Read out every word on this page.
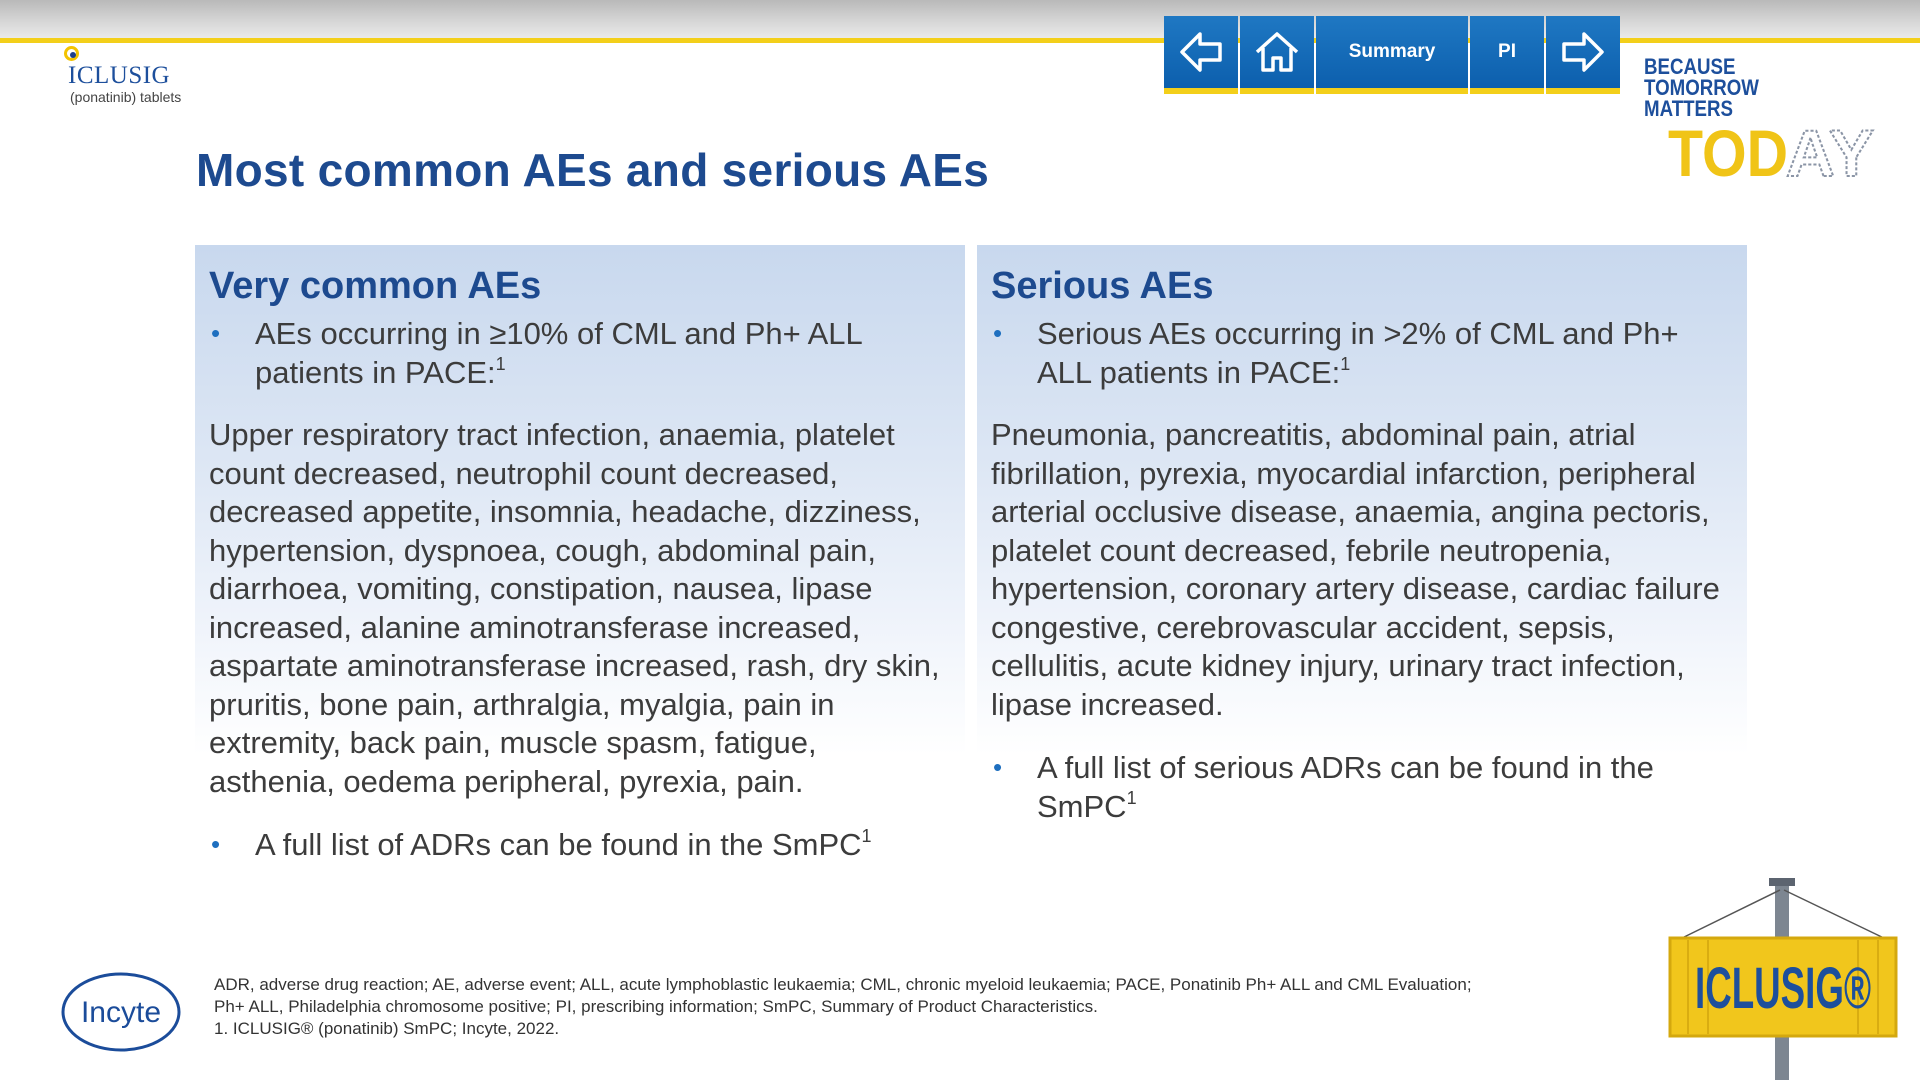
ICLUSIG
(ponatinib) tablets
Summary	PI
BECAUSE
TOMORROW
MATTERS
TOD
AY
Most common AEs and serious AEs
Very common AEs
• AEs occurring in ≥10% of CML and Ph+ ALL patients in PACE:$^1$
Upper respiratory tract infection, anaemia, platelet count decreased, neutrophil count decreased, decreased appetite, insomnia, headache, dizziness, hypertension, dyspnoea, cough, abdominal pain, diarrhoea, vomiting, constipation, nausea, lipase increased, alanine aminotransferase increased, aspartate aminotransferase increased, rash, dry skin, pruritis, bone pain, arthralgia, myalgia, pain in extremity, back pain, muscle spasm, fatigue, asthenia, oedema peripheral, pyrexia, pain.
• A full list of ADRs can be found in the SmPC$^1$
Serious AEs
• Serious AEs occurring in >2% of CML and Ph+ ALL patients in PACE:$^1$
Pneumonia, pancreatitis, abdominal pain, atrial fibrillation, pyrexia, myocardial infarction, peripheral arterial occlusive disease, anaemia, angina pectoris, platelet count decreased, febrile neutropenia, hypertension, coronary artery disease, cardiac failure congestive, cerebrovascular accident, sepsis, cellulitis, acute kidney injury, urinary tract infection, lipase increased.
• A full list of serious ADRs can be found in the SmPC$^1$
ADR, adverse drug reaction; AE, adverse event; ALL, acute lymphoblastic leukaemia; CML, chronic myeloid leukaemia; PACE, Ponatinib Ph+ ALL and CML Evaluation;
Ph+ ALL, Philadelphia chromosome positive; PI, prescribing information; SmPC, Summary of Product Characteristics.
1. ICLUSIG® (ponatinib) SmPC; Incyte, 2022.
Incyte	ICLUSIG®
